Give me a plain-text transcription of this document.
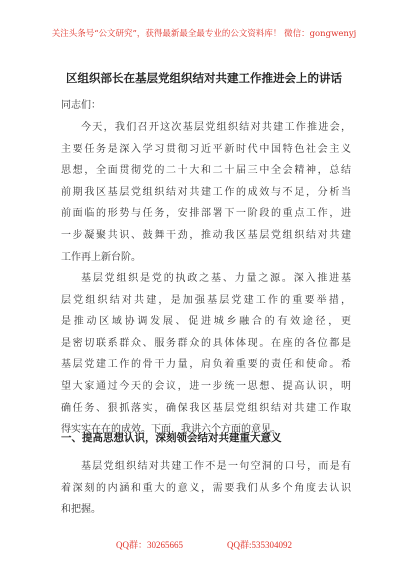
关注头条号“公文研究”，获得最新最全最专业的公文资料库！ 微信：gongwenyj
区组织部长在基层党组织结对共建工作推进会上的讲话
同志们：
今天，我们召开这次基层党组织结对共建工作推进会，
主要任务是深入学习贯彻习近平新时代中国特色社会主义
思想，全面贯彻党的二十大和二十届三中全会精神，总结
前期我区基层党组织结对共建工作的成效与不足，分析当
前面临的形势与任务，安排部署下一阶段的重点工作，进
一步凝聚共识、鼓舞干劲，推动我区基层党组织结对共建
工作再上新台阶。
基层党组织是党的执政之基、力量之源。深入推进基
层党组织结对共建，是加强基层党建工作的重要举措，
是推动区域协调发展、促进城乡融合的有效途径，更
是密切联系群众、服务群众的具体体现。在座的各位都是
基层党建工作的骨干力量，肩负着重要的责任和使命。希
望大家通过今天的会议，进一步统一思想、提高认识，明
确任务、狠抓落实，确保我区基层党组织结对共建工作取
得实实在在的成效。下面，我讲六个方面的意见。
一、提高思想认识，深刻领会结对共建重大意义
基层党组织结对共建工作不是一句空洞的口号，而是有
着深刻的内涵和重大的意义，需要我们从多个角度去认识
和把握。
QQ群：30265665	QQ群:535304092
